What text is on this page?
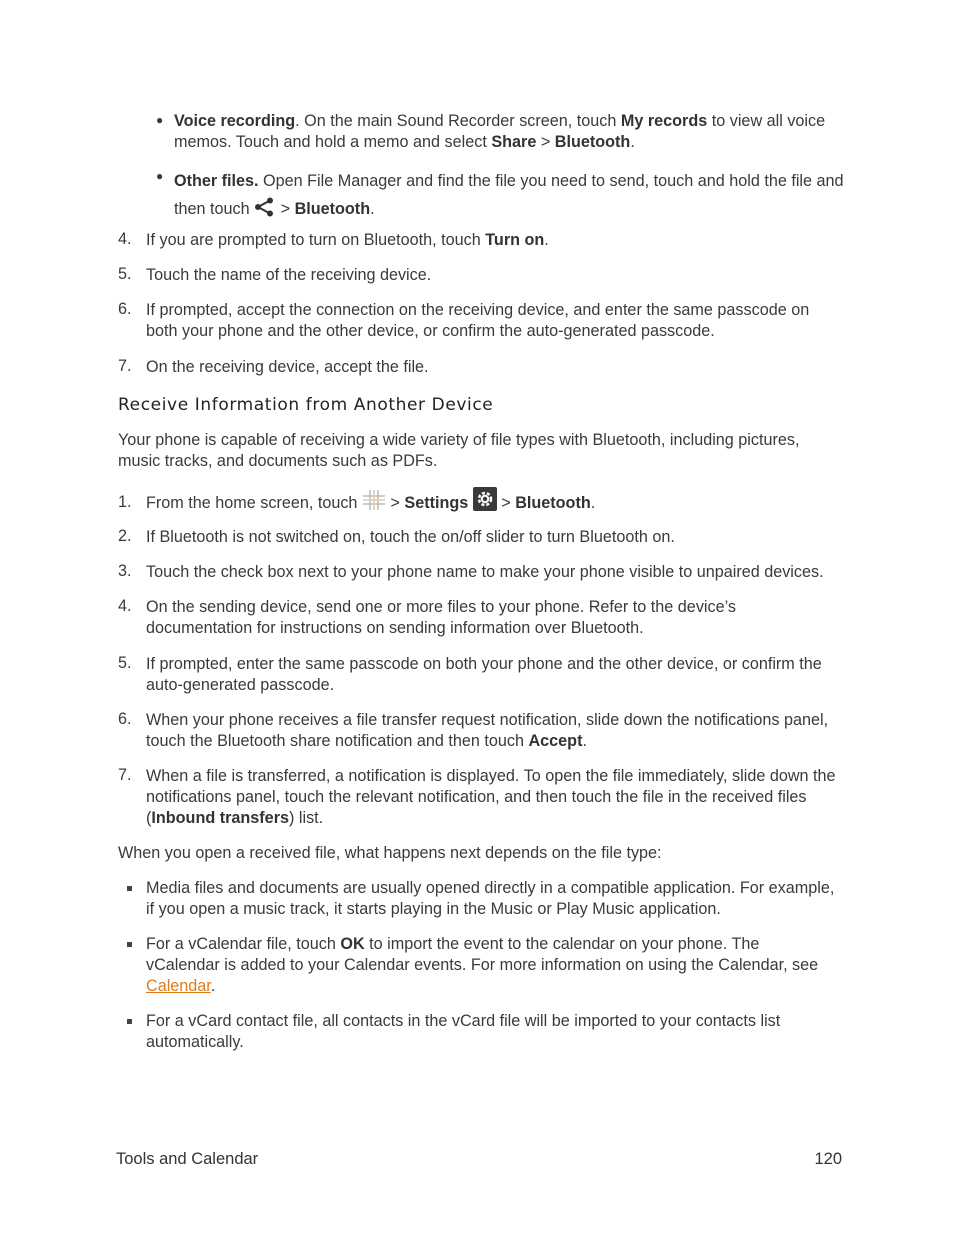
● Voice recording. On the main Sound Recorder screen, touch My records to view all voice memos. Touch and hold a memo and select Share > Bluetooth.
● Other files. Open File Manager and find the file you need to send, touch and hold the file and then touch  > Bluetooth.
4. If you are prompted to turn on Bluetooth, touch Turn on.
5. Touch the name of the receiving device.
6. If prompted, accept the connection on the receiving device, and enter the same passcode on both your phone and the other device, or confirm the auto-generated passcode.
7. On the receiving device, accept the file.
Receive Information from Another Device
Your phone is capable of receiving a wide variety of file types with Bluetooth, including pictures, music tracks, and documents such as PDFs.
1. From the home screen, touch  > Settings  > Bluetooth.
2. If Bluetooth is not switched on, touch the on/off slider to turn Bluetooth on.
3. Touch the check box next to your phone name to make your phone visible to unpaired devices.
4. On the sending device, send one or more files to your phone. Refer to the device’s documentation for instructions on sending information over Bluetooth.
5. If prompted, enter the same passcode on both your phone and the other device, or confirm the auto-generated passcode.
6. When your phone receives a file transfer request notification, slide down the notifications panel, touch the Bluetooth share notification and then touch Accept.
7. When a file is transferred, a notification is displayed. To open the file immediately, slide down the notifications panel, touch the relevant notification, and then touch the file in the received files (Inbound transfers) list.
When you open a received file, what happens next depends on the file type:
Media files and documents are usually opened directly in a compatible application. For example, if you open a music track, it starts playing in the Music or Play Music application.
For a vCalendar file, touch OK to import the event to the calendar on your phone. The vCalendar is added to your Calendar events. For more information on using the Calendar, see Calendar.
For a vCard contact file, all contacts in the vCard file will be imported to your contacts list automatically.
Tools and Calendar	120
